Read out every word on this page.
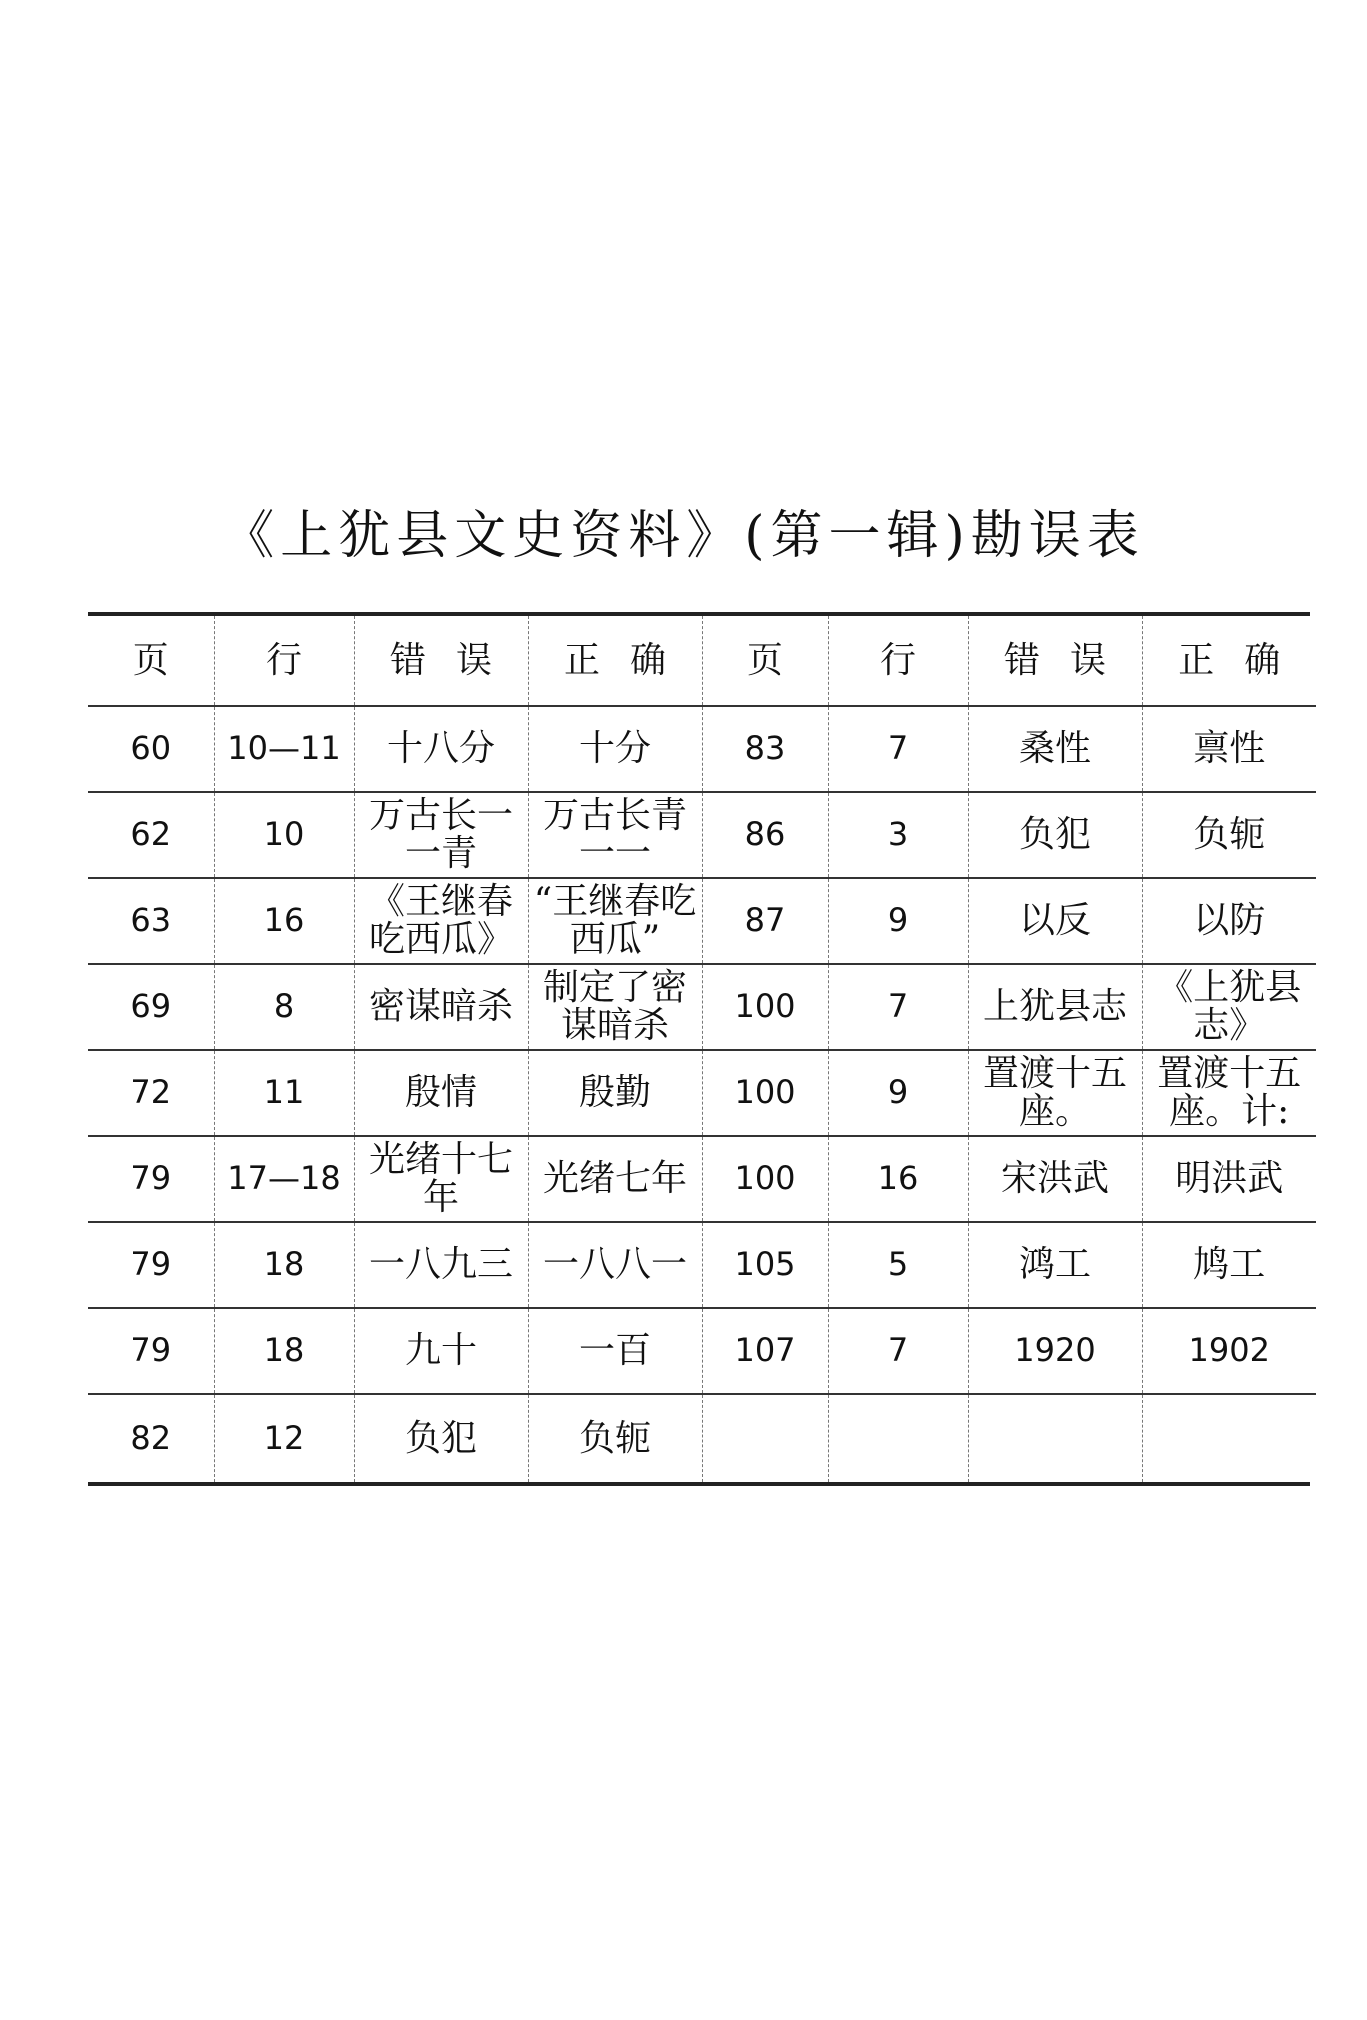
《上犹县文史资料》(第一辑)勘误表
页	行	错误	正确	页	行	错误	正确
60	10—11	十八分	十分	83	7	桑性	禀性
62	10	万古长一一青	万古长青一一	86	3	负犯	负轭
63	16	《王继春吃西瓜》	“王继春吃西瓜”	87	9	以反	以防
69	8	密谋暗杀	制定了密谋暗杀	100	7	上犹县志	《上犹县志》
72	11	殷情	殷勤	100	9	置渡十五座。	置渡十五座。计:
79	17—18	光绪十七年	光绪七年	100	16	宋洪武	明洪武
79	18	一八九三	一八八一	105	5	鸿工	鸠工
79	18	九十	一百	107	7	1920	1902
82	12	负犯	负轭				
